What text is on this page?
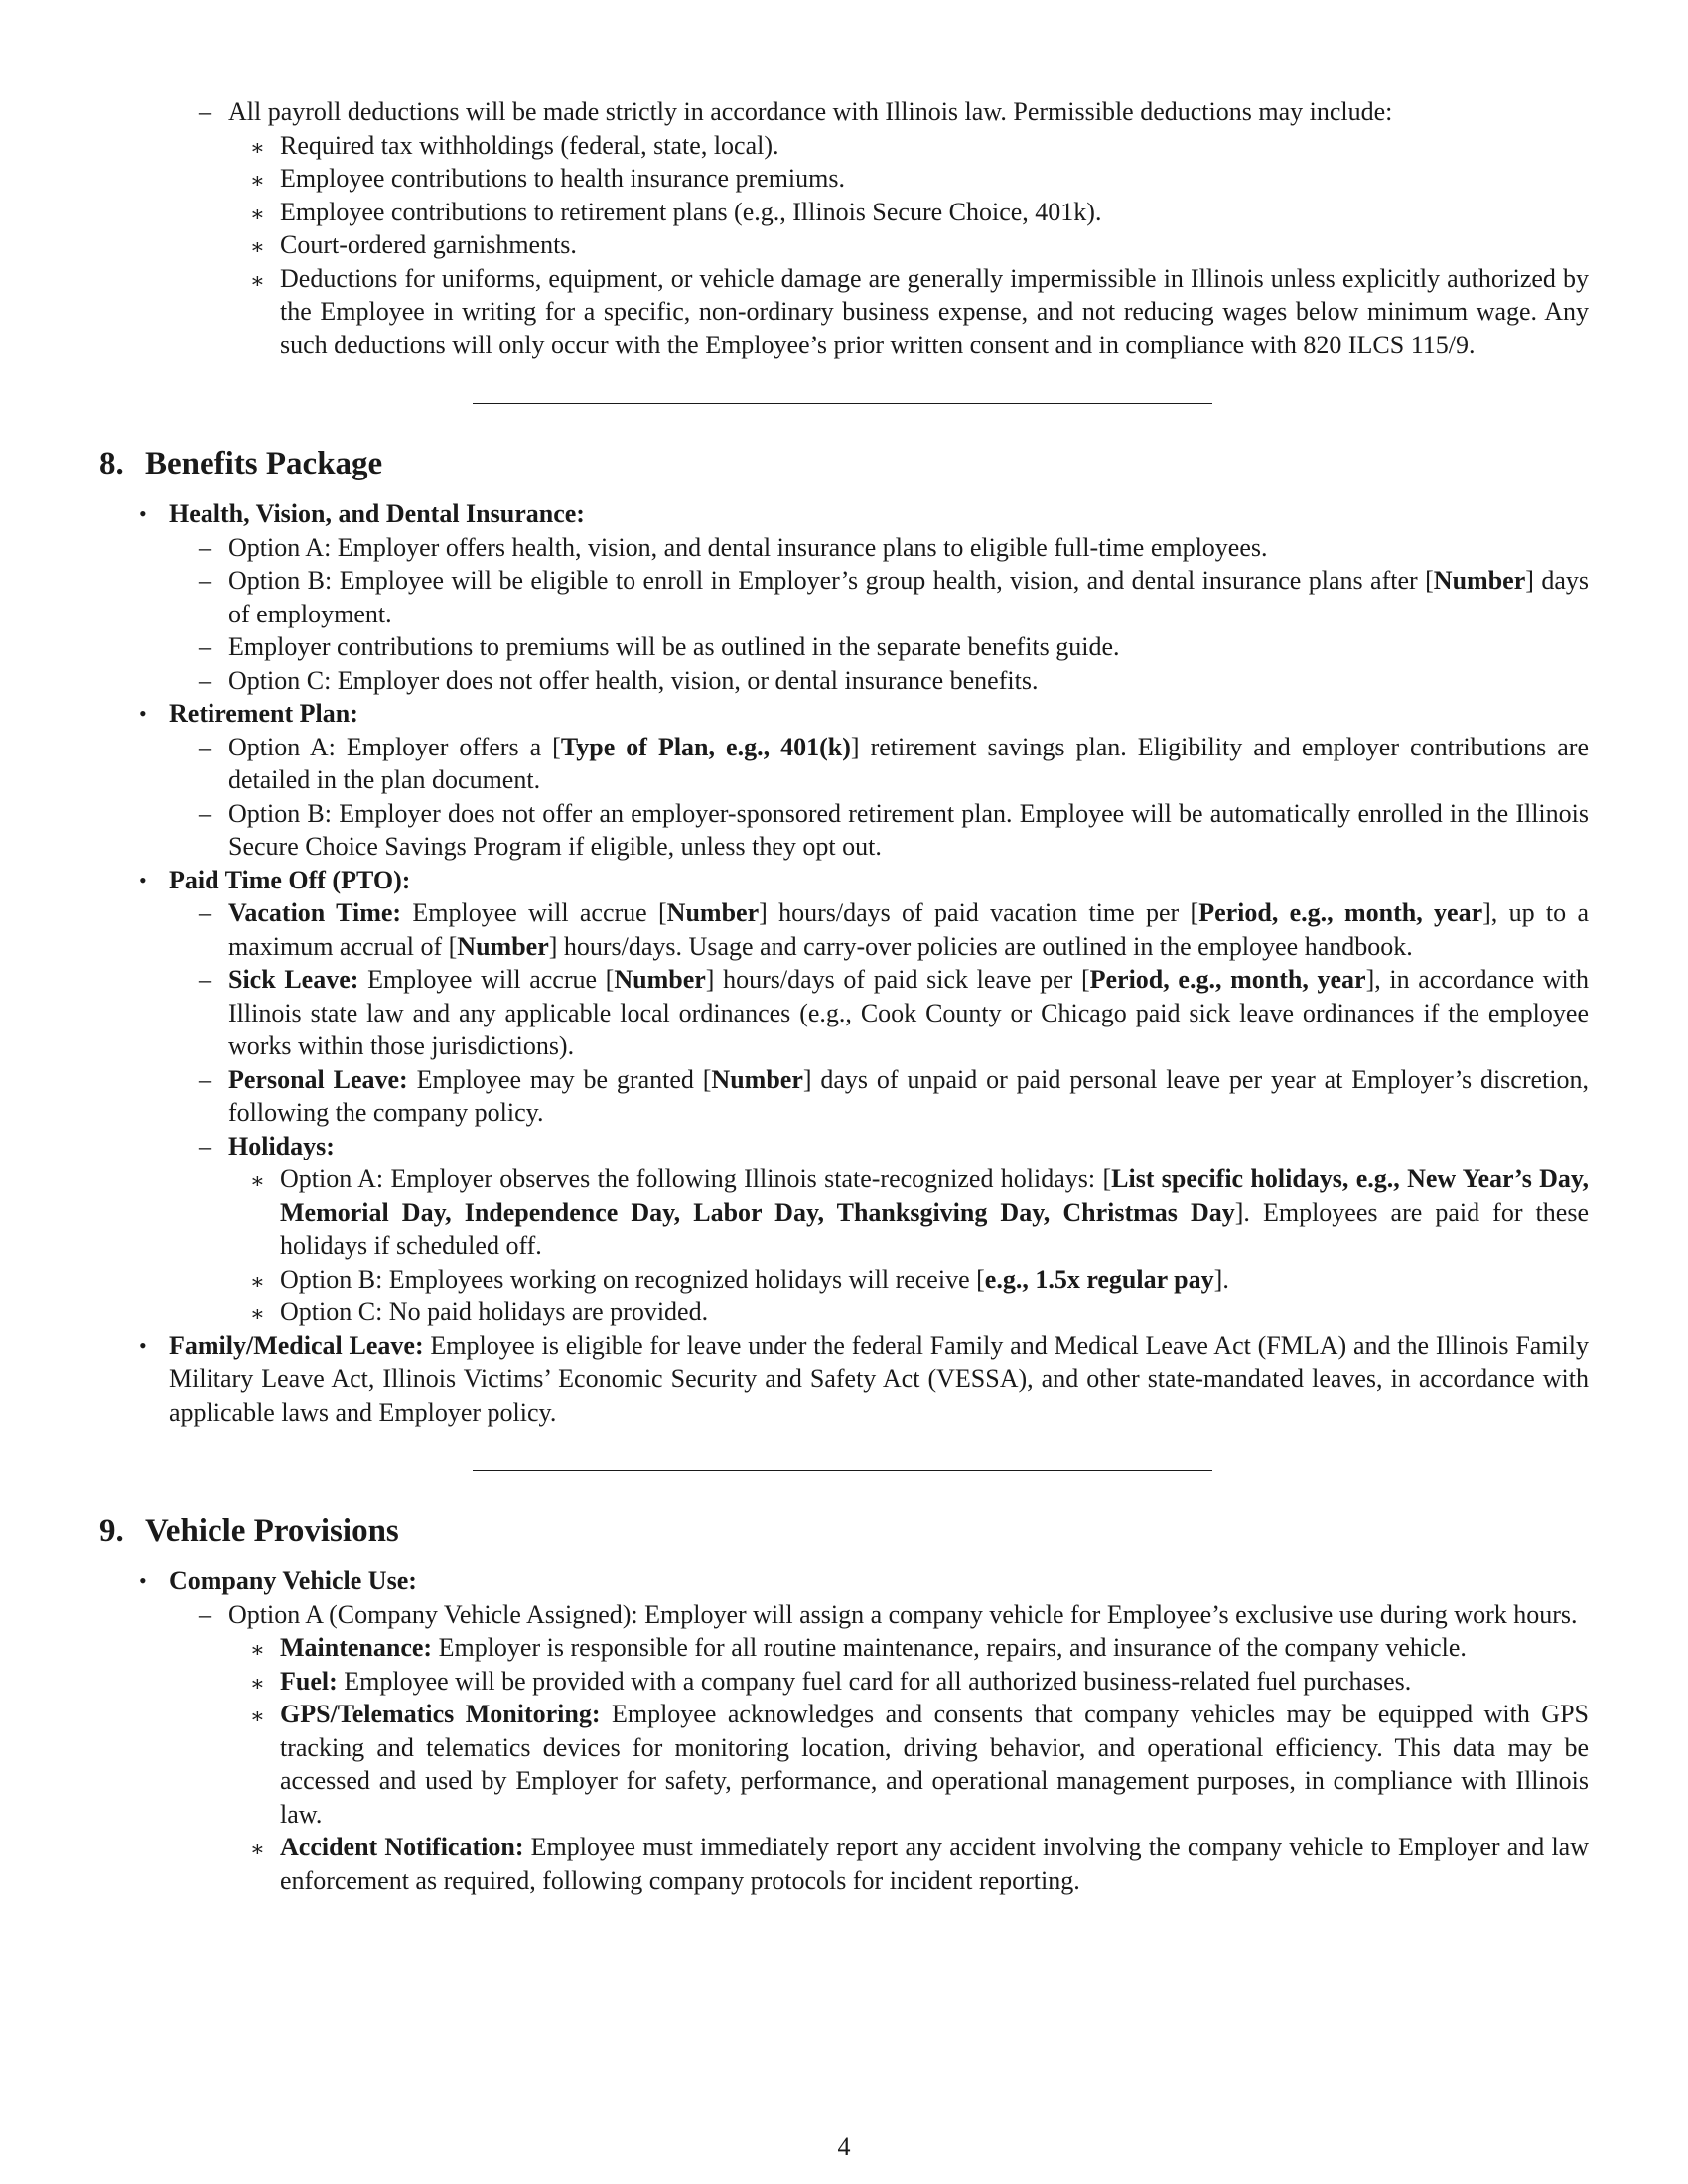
– All payroll deductions will be made strictly in accordance with Illinois law. Permissible deductions may include:
∗ Required tax withholdings (federal, state, local).
∗ Employee contributions to health insurance premiums.
∗ Employee contributions to retirement plans (e.g., Illinois Secure Choice, 401k).
∗ Court-ordered garnishments.
∗ Deductions for uniforms, equipment, or vehicle damage are generally impermissible in Illinois unless explicitly authorized by the Employee in writing for a specific, non-ordinary business expense, and not reducing wages below minimum wage. Any such deductions will only occur with the Employee’s prior written consent and in compliance with 820 ILCS 115/9.
8. Benefits Package
• Health, Vision, and Dental Insurance:
– Option A: Employer offers health, vision, and dental insurance plans to eligible full-time employees.
– Option B: Employee will be eligible to enroll in Employer’s group health, vision, and dental insurance plans after [Number] days of employment.
– Employer contributions to premiums will be as outlined in the separate benefits guide.
– Option C: Employer does not offer health, vision, or dental insurance benefits.
• Retirement Plan:
– Option A: Employer offers a [Type of Plan, e.g., 401(k)] retirement savings plan. Eligibility and employer contributions are detailed in the plan document.
– Option B: Employer does not offer an employer-sponsored retirement plan. Employee will be automatically enrolled in the Illinois Secure Choice Savings Program if eligible, unless they opt out.
• Paid Time Off (PTO):
– Vacation Time: Employee will accrue [Number] hours/days of paid vacation time per [Period, e.g., month, year], up to a maximum accrual of [Number] hours/days. Usage and carry-over policies are outlined in the employee handbook.
– Sick Leave: Employee will accrue [Number] hours/days of paid sick leave per [Period, e.g., month, year], in accordance with Illinois state law and any applicable local ordinances (e.g., Cook County or Chicago paid sick leave ordinances if the employee works within those jurisdictions).
– Personal Leave: Employee may be granted [Number] days of unpaid or paid personal leave per year at Employer’s discretion, following the company policy.
– Holidays:
∗ Option A: Employer observes the following Illinois state-recognized holidays: [List specific holidays, e.g., New Year’s Day, Memorial Day, Independence Day, Labor Day, Thanksgiving Day, Christmas Day]. Employees are paid for these holidays if scheduled off.
∗ Option B: Employees working on recognized holidays will receive [e.g., 1.5x regular pay].
∗ Option C: No paid holidays are provided.
• Family/Medical Leave: Employee is eligible for leave under the federal Family and Medical Leave Act (FMLA) and the Illinois Family Military Leave Act, Illinois Victims’ Economic Security and Safety Act (VESSA), and other state-mandated leaves, in accordance with applicable laws and Employer policy.
9. Vehicle Provisions
• Company Vehicle Use:
– Option A (Company Vehicle Assigned): Employer will assign a company vehicle for Employee’s exclusive use during work hours.
∗ Maintenance: Employer is responsible for all routine maintenance, repairs, and insurance of the company vehicle.
∗ Fuel: Employee will be provided with a company fuel card for all authorized business-related fuel purchases.
∗ GPS/Telematics Monitoring: Employee acknowledges and consents that company vehicles may be equipped with GPS tracking and telematics devices for monitoring location, driving behavior, and operational efficiency. This data may be accessed and used by Employer for safety, performance, and operational management purposes, in compliance with Illinois law.
∗ Accident Notification: Employee must immediately report any accident involving the company vehicle to Employer and law enforcement as required, following company protocols for incident reporting.
4
